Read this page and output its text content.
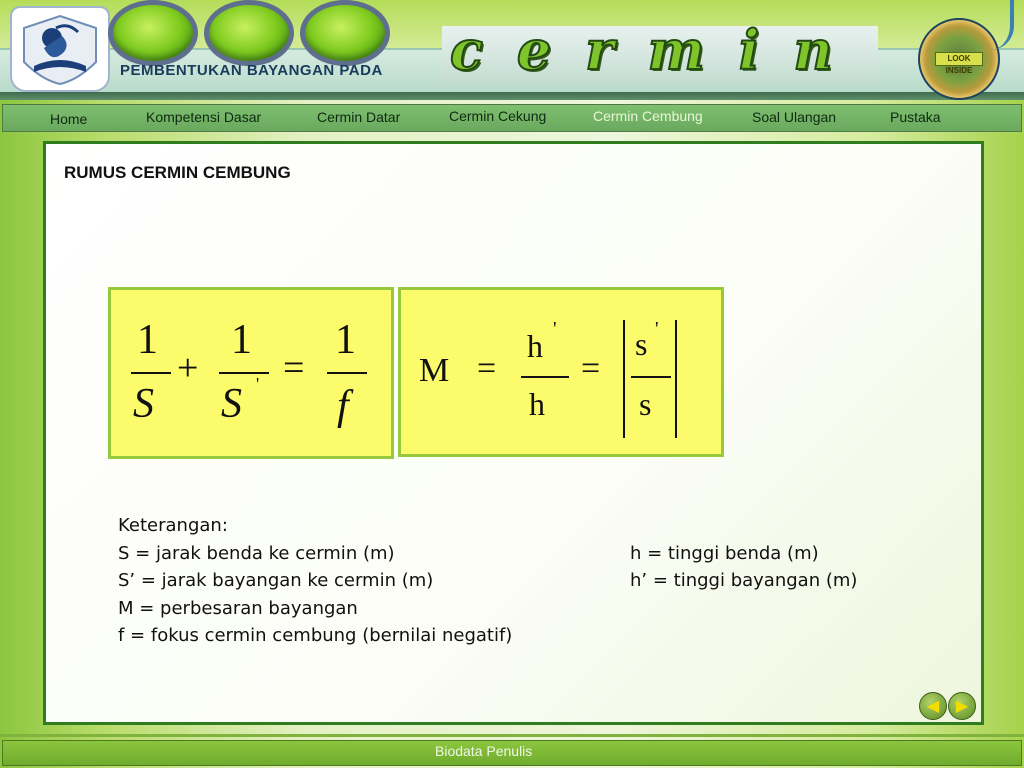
PEMBENTUKAN BAYANGAN PADA cermin	LOOK INSIDE
Home	Kompetensi Dasar	Cermin Datar	Cermin Cekung	Cermin Cembung	Soal Ulangan	Pustaka
RUMUS CERMIN CEMBUNG
1
S
+
1
S ' =
1
f
M =
h '
h
=
s '
s
Keterangan:
S = jarak benda ke cermin (m)	h = tinggi benda (m)
S’ = jarak bayangan ke cermin (m)	h’ = tinggi bayangan (m)
M = perbesaran bayangan
f = fokus cermin cembung (bernilai negatif)
◀	▶
Biodata Penulis
